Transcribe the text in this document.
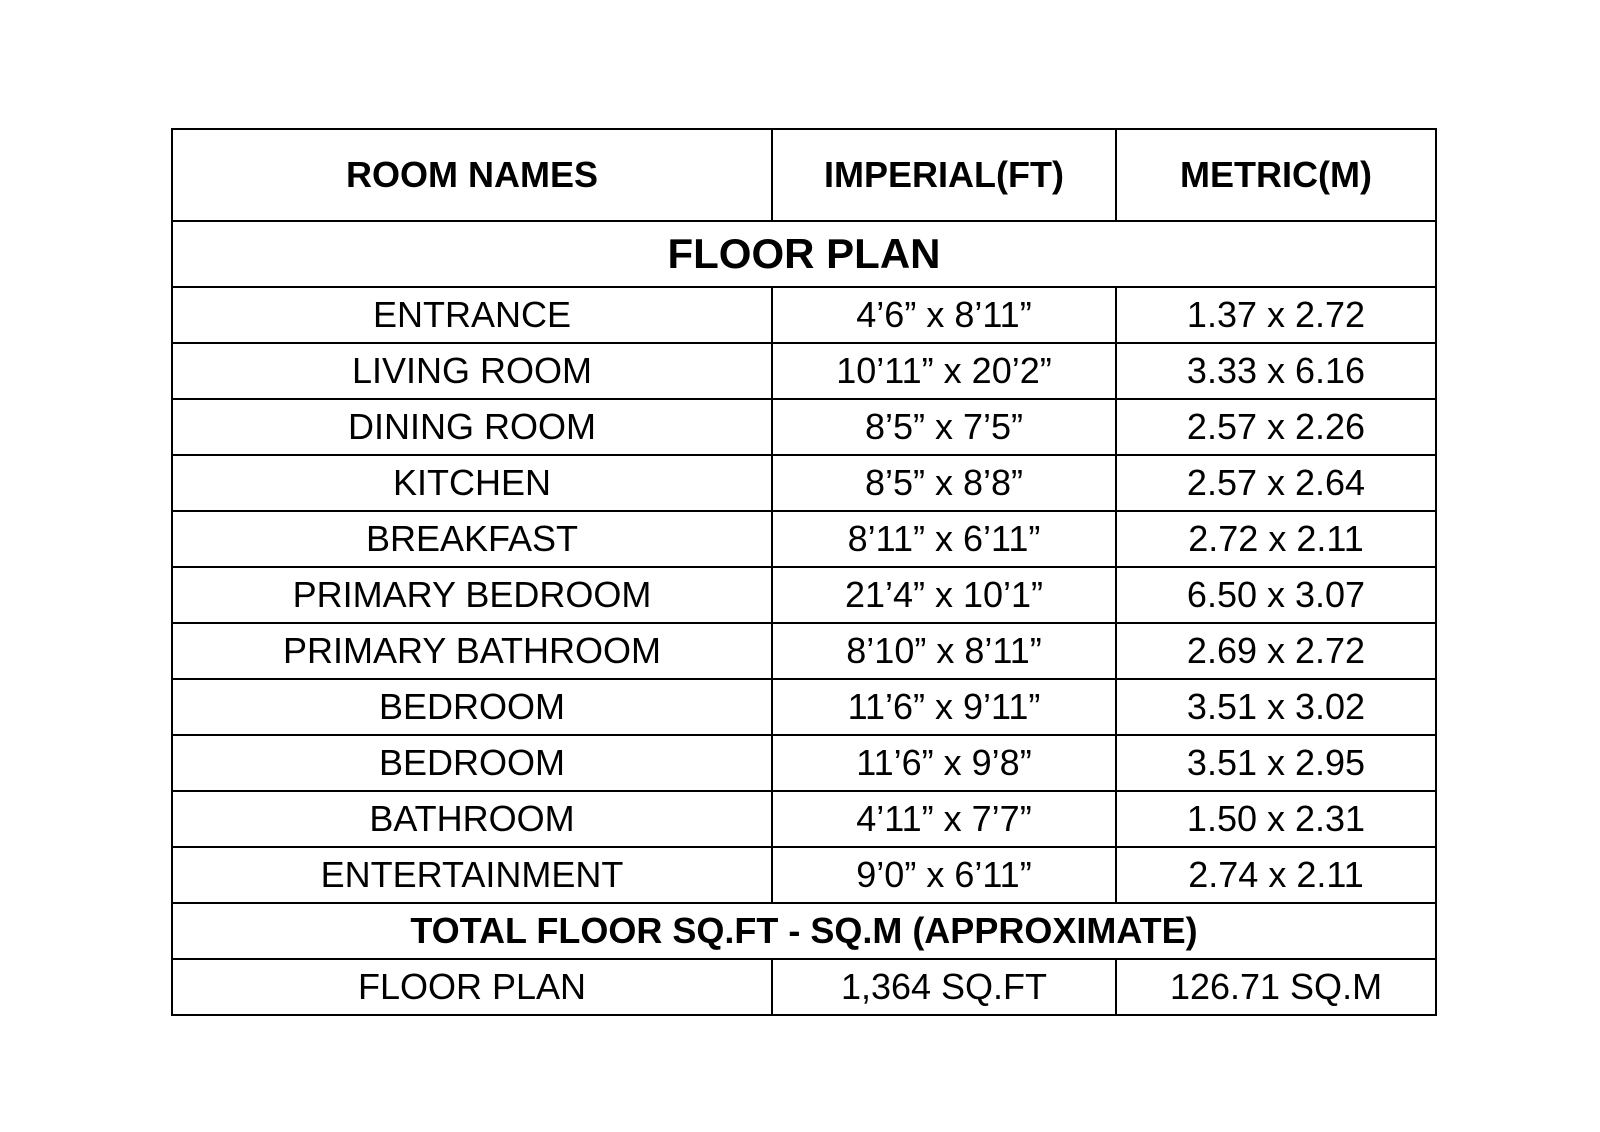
ROOM NAMES	IMPERIAL(FT)	METRIC(M)
FLOOR PLAN		
ENTRANCE	4’6” x 8’11”	1.37 x 2.72
LIVING ROOM	10’11” x 20’2”	3.33 x 6.16
DINING ROOM	8’5” x 7’5”	2.57 x 2.26
KITCHEN	8’5” x 8’8”	2.57 x 2.64
BREAKFAST	8’11” x 6’11”	2.72 x 2.11
PRIMARY BEDROOM	21’4” x 10’1”	6.50 x 3.07
PRIMARY BATHROOM	8’10” x 8’11”	2.69 x 2.72
BEDROOM	11’6” x 9’11”	3.51 x 3.02
BEDROOM	11’6” x 9’8”	3.51 x 2.95
BATHROOM	4’11” x 7’7”	1.50 x 2.31
ENTERTAINMENT	9’0” x 6’11”	2.74 x 2.11
TOTAL FLOOR SQ.FT - SQ.M (APPROXIMATE)		
FLOOR PLAN	1,364 SQ.FT	126.71 SQ.M
